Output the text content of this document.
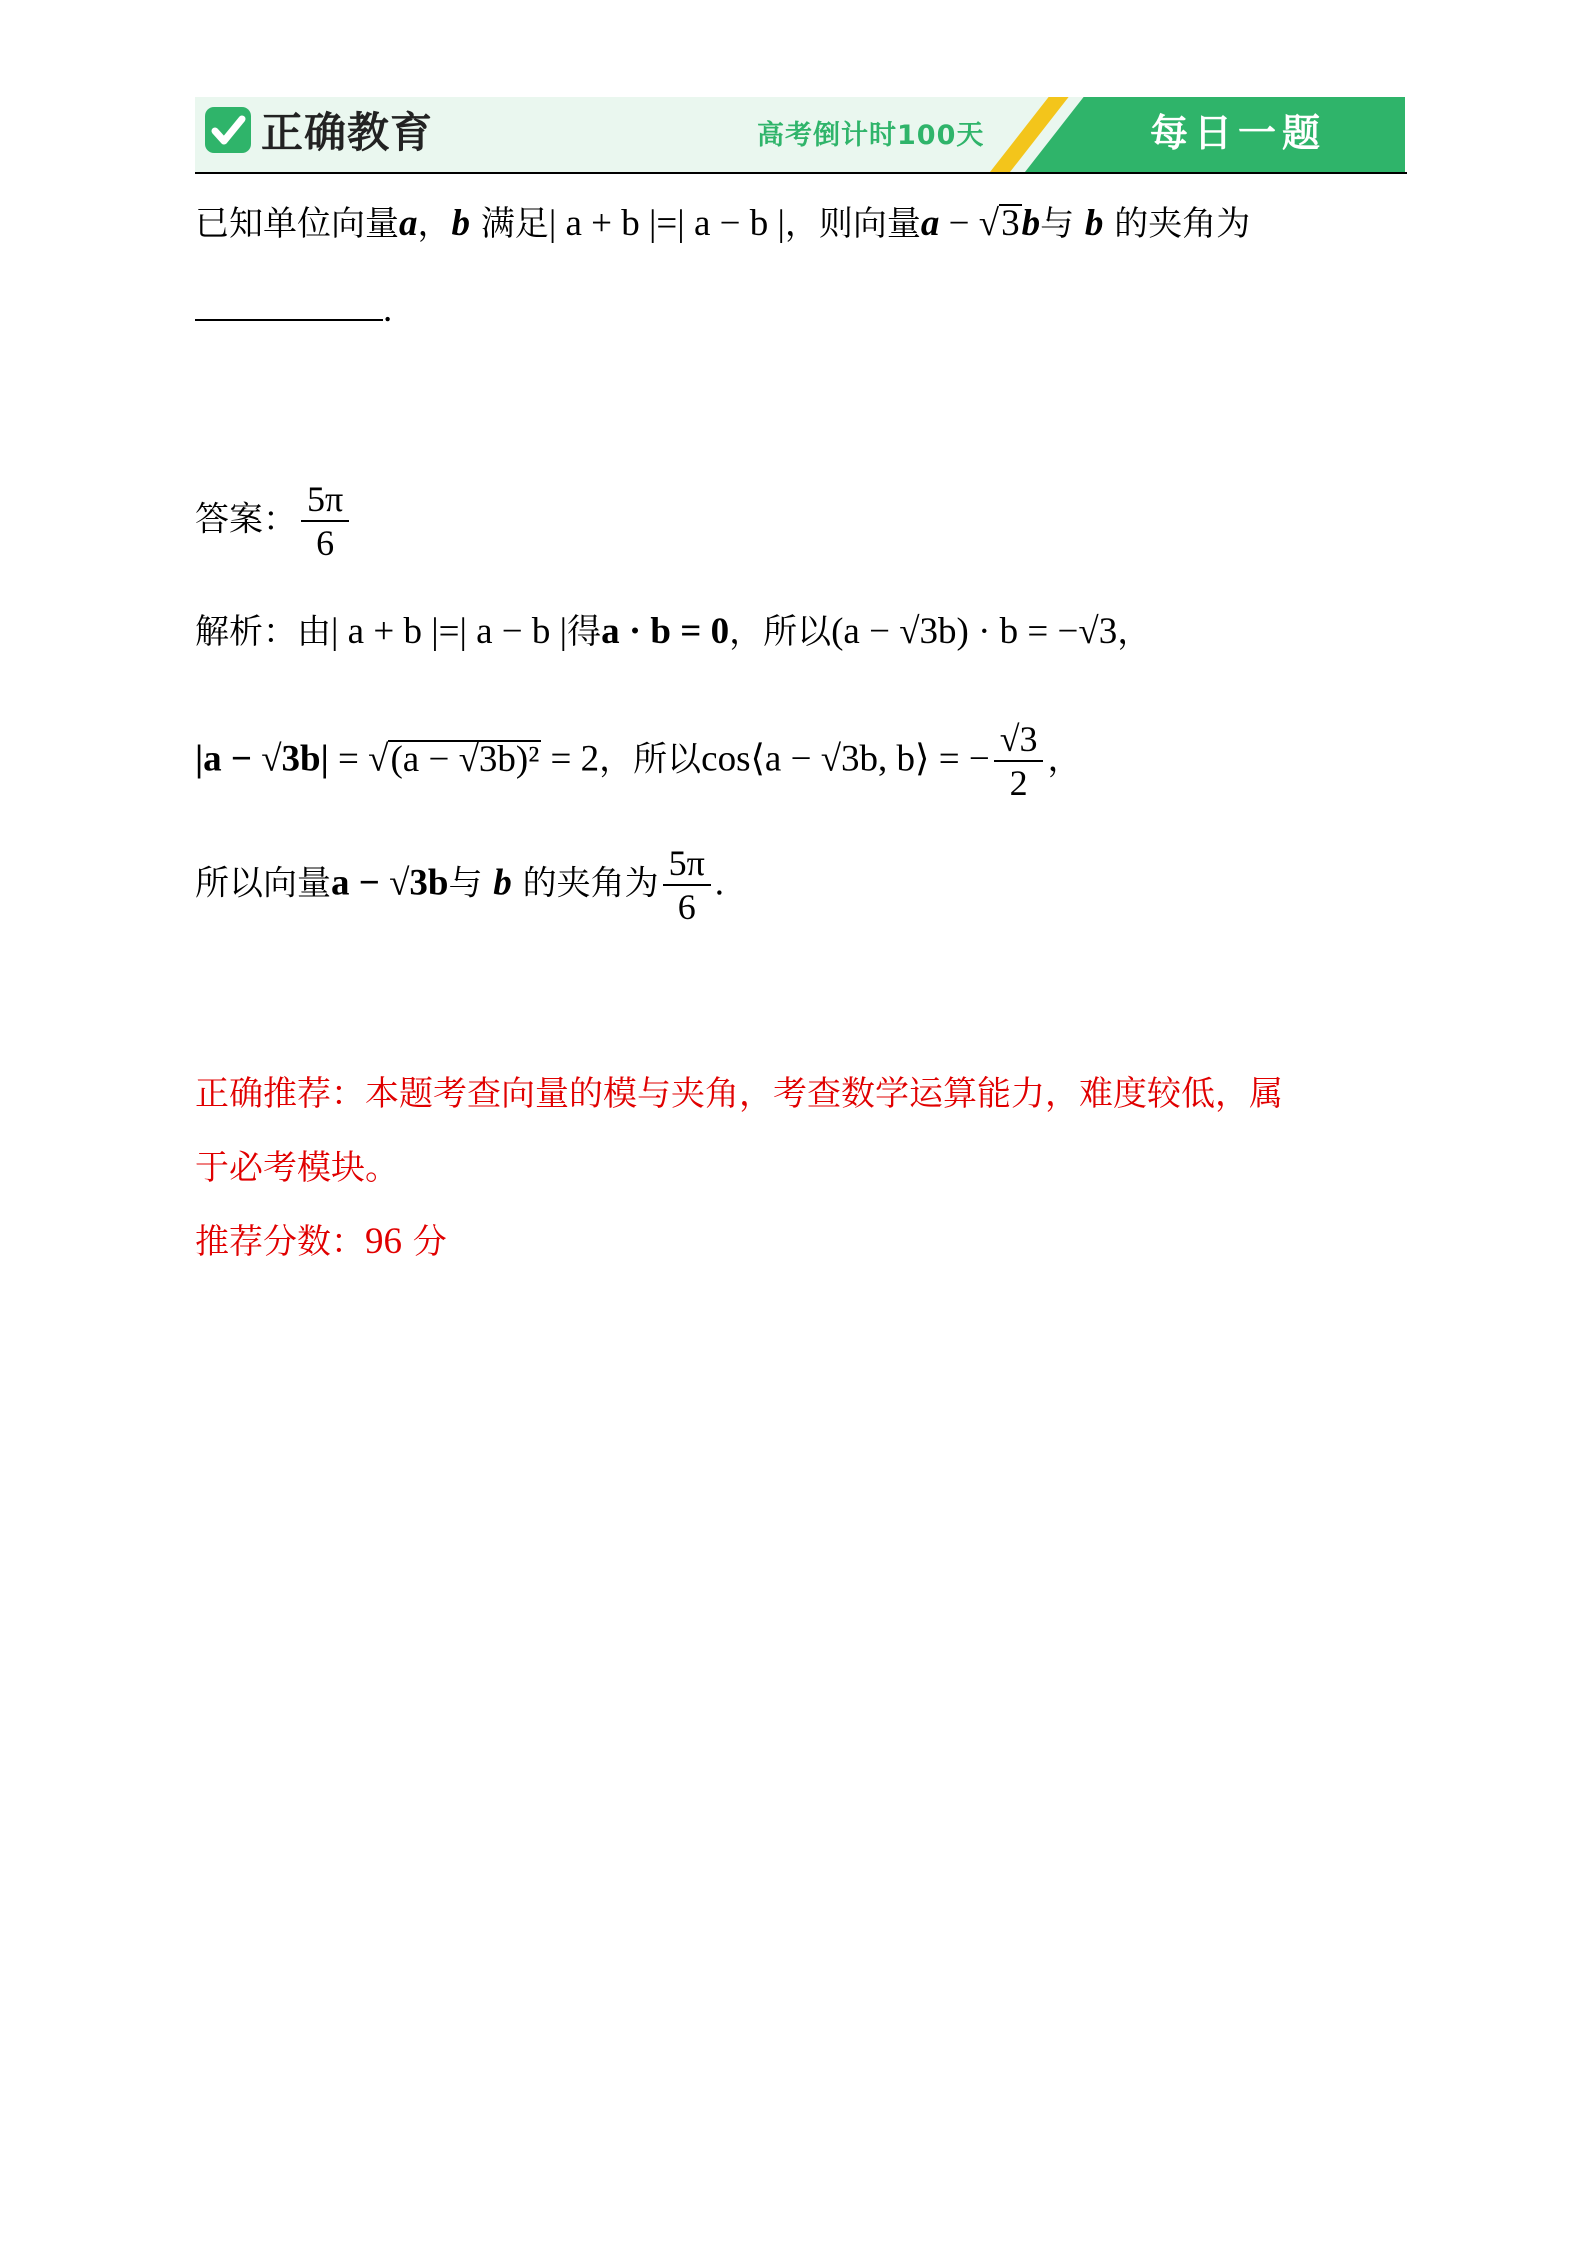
正确教育	高考倒计时100天	每日一题
已知单位向量a，b 满足| a + b |=| a − b |，则向量a − √3b与 b 的夹角为
.
答案： $\frac{5\pi}{6}$
解析：由| a + b |=| a − b |得a · b = 0，所以(a − √3b) · b = −√3，
|a − √3b| = √(a − √3b)² = 2，所以cos⟨a − √3b, b⟩ = − $\frac{√3}{2}$ ，
所以向量a − √3b与 b 的夹角为 $\frac{5\pi}{6}$ .
正确推荐：本题考查向量的模与夹角，考查数学运算能力，难度较低，属
于必考模块。
推荐分数：96 分
